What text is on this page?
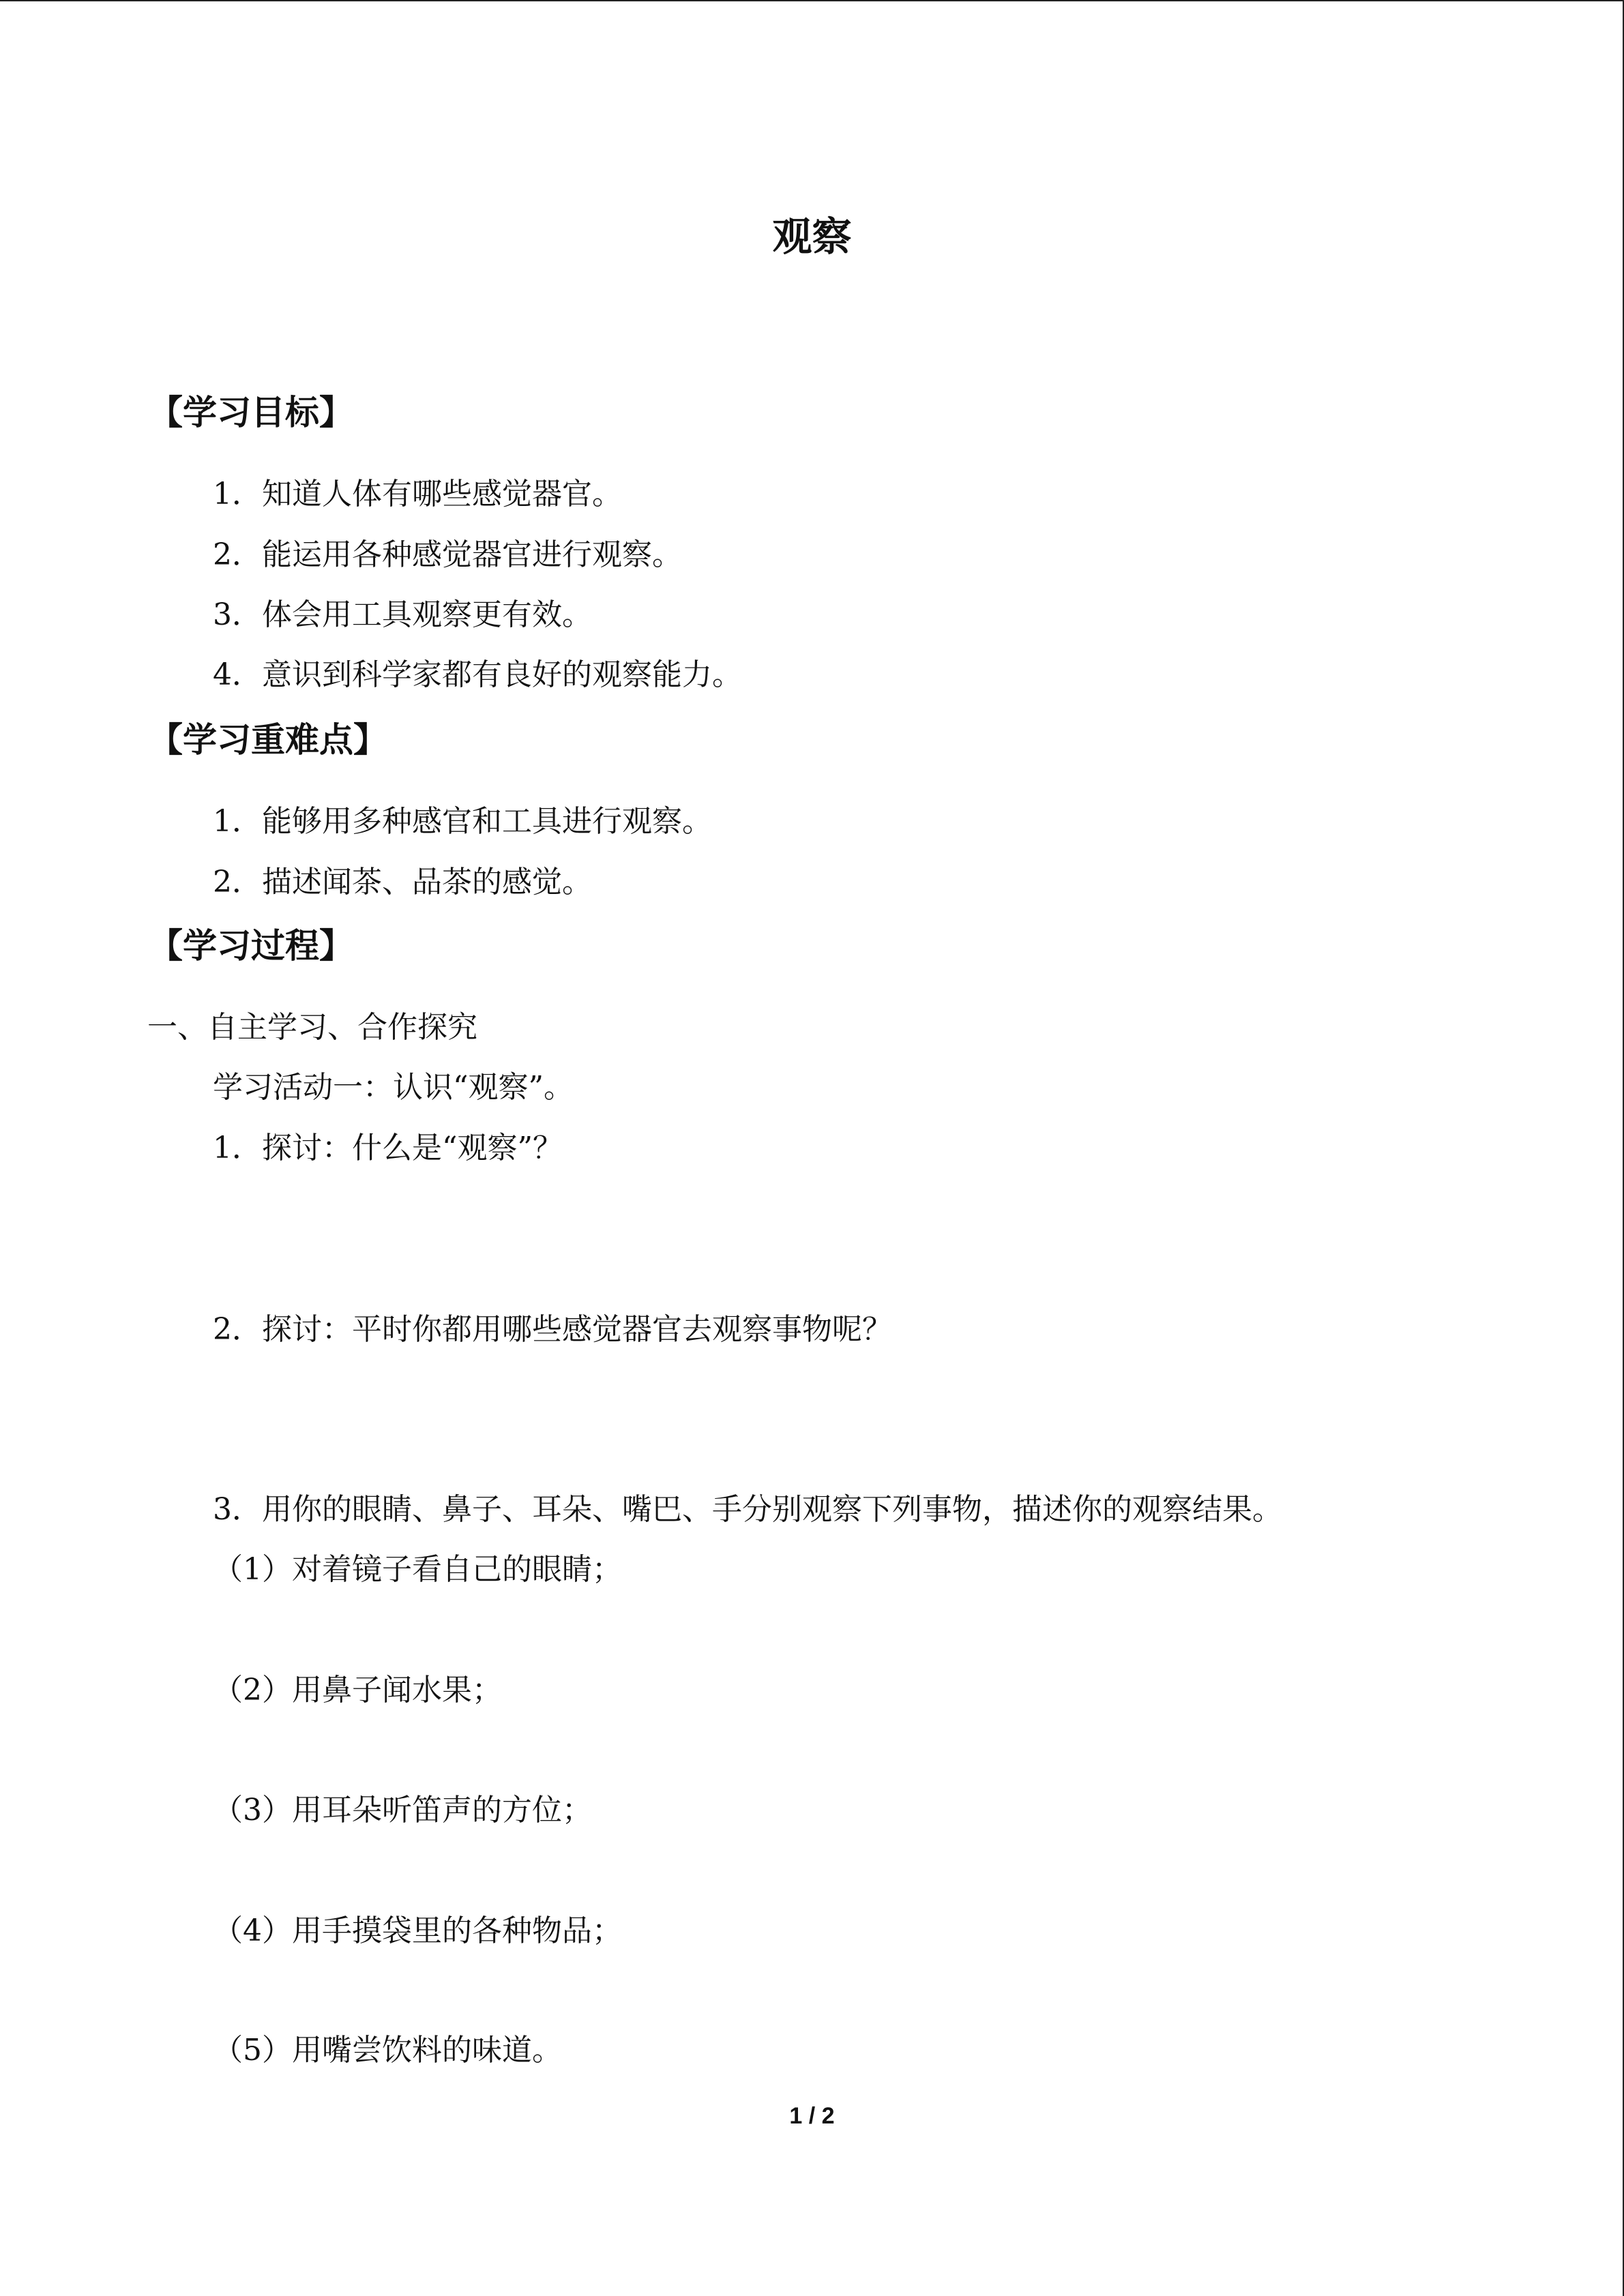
观察
【学习目标】
1．知道人体有哪些感觉器官。
2．能运用各种感觉器官进行观察。
3．体会用工具观察更有效。
4．意识到科学家都有良好的观察能力。
【学习重难点】
1．能够用多种感官和工具进行观察。
2．描述闻茶、品茶的感觉。
【学习过程】
一、自主学习、合作探究
学习活动一：认识“观察”。
1．探讨：什么是“观察”？
2．探讨：平时你都用哪些感觉器官去观察事物呢？
3．用你的眼睛、鼻子、耳朵、嘴巴、手分别观察下列事物，描述你的观察结果。
（1）对着镜子看自己的眼睛；
（2）用鼻子闻水果；
（3）用耳朵听笛声的方位；
（4）用手摸袋里的各种物品；
（5）用嘴尝饮料的味道。
1 / 2
